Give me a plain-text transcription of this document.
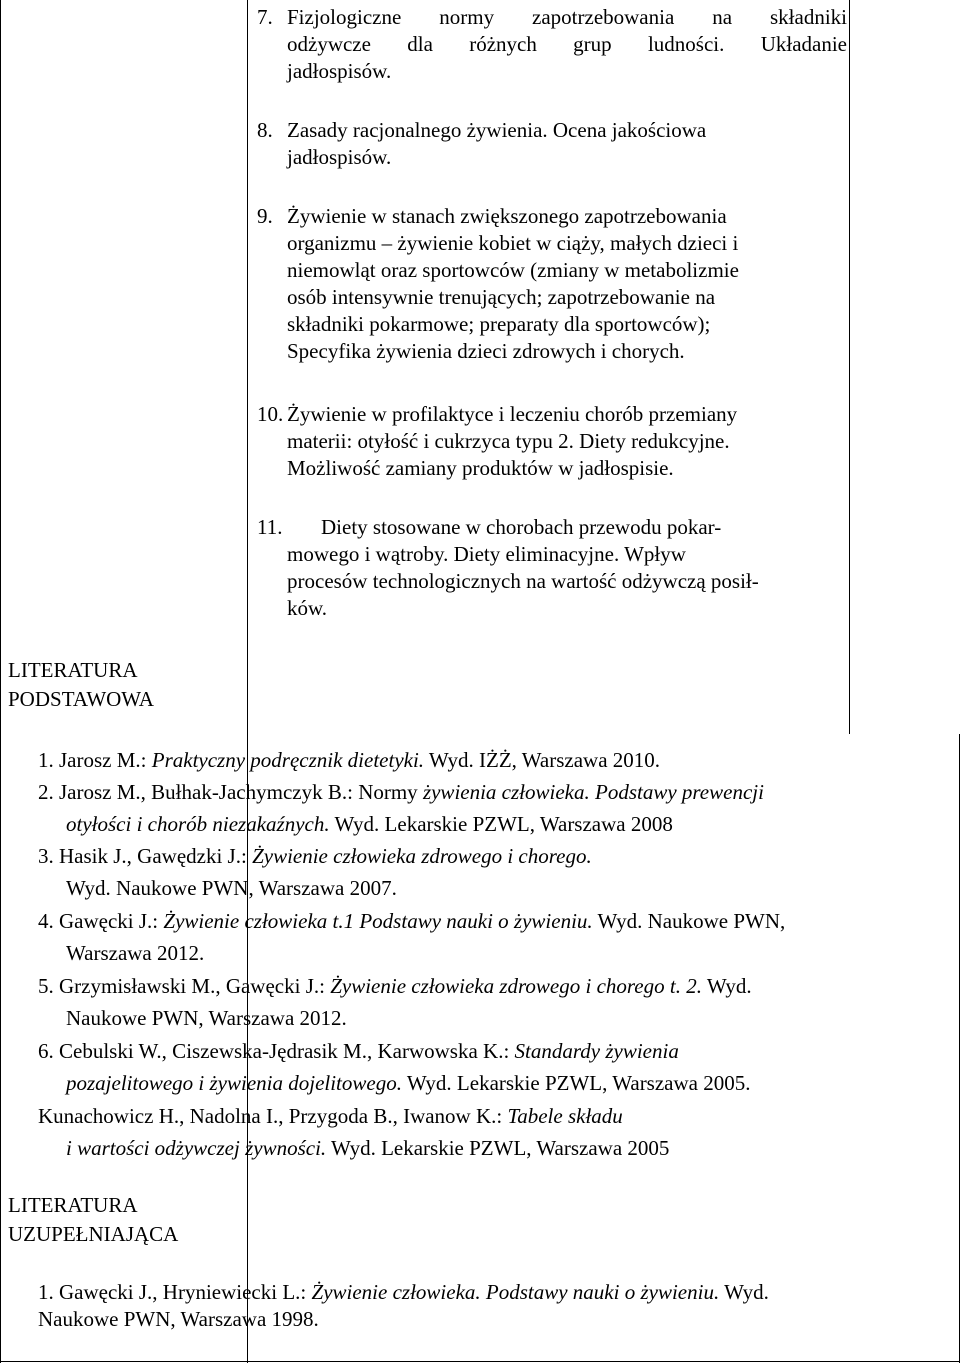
7. Fizjologiczne normy zapotrzebowania na składniki
odżywcze dla różnych grup ludności. Układanie
jadłospisów.
8. Zasady racjonalnego żywienia. Ocena jakościowa
jadłospisów.
9. Żywienie w stanach zwiększonego zapotrzebowania
organizmu – żywienie kobiet w ciąży, małych dzieci i
niemowląt oraz sportowców (zmiany w metabolizmie
osób intensywnie trenujących; zapotrzebowanie na
składniki pokarmowe; preparaty dla sportowców);
Specyfika żywienia dzieci zdrowych i chorych.
10. Żywienie w profilaktyce i leczeniu chorób przemiany
materii: otyłość i cukrzyca typu 2. Diety redukcyjne.
Możliwość zamiany produktów w jadłospisie.
11.	Diety stosowane w chorobach przewodu pokar-
mowego i wątroby. Diety eliminacyjne. Wpływ
procesów technologicznych na wartość odżywczą posił-
ków.
LITERATURA
PODSTAWOWA
1. Jarosz M.: Praktyczny podręcznik dietetyki. Wyd. IŻŻ, Warszawa 2010.
2. Jarosz M., Bułhak-Jachymczyk B.: Normy żywienia człowieka. Podstawy prewencji
otyłości i chorób niezakaźnych. Wyd. Lekarskie PZWL, Warszawa 2008
3. Hasik J., Gawędzki J.: Żywienie człowieka zdrowego i chorego.
Wyd. Naukowe PWN, Warszawa 2007.
4. Gawęcki J.: Żywienie człowieka t.1 Podstawy nauki o żywieniu. Wyd. Naukowe PWN,
Warszawa 2012.
5. Grzymisławski M., Gawęcki J.: Żywienie człowieka zdrowego i chorego t. 2. Wyd.
Naukowe PWN, Warszawa 2012.
6. Cebulski W., Ciszewska-Jędrasik M., Karwowska K.: Standardy żywienia
pozajelitowego i żywienia dojelitowego. Wyd. Lekarskie PZWL, Warszawa 2005.
Kunachowicz H., Nadolna I., Przygoda B., Iwanow K.: Tabele składu
i wartości odżywczej żywności. Wyd. Lekarskie PZWL, Warszawa 2005
LITERATURA
UZUPEŁNIAJĄCA
1. Gawęcki J., Hryniewiecki L.: Żywienie człowieka. Podstawy nauki o żywieniu. Wyd.
Naukowe PWN, Warszawa 1998.
